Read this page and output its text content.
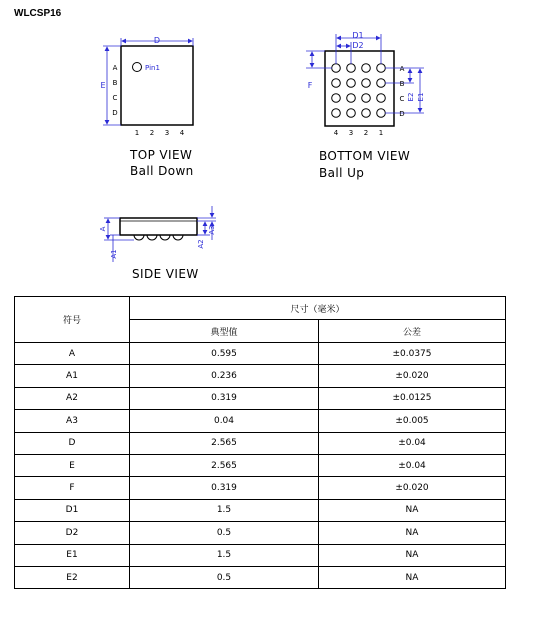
WLCSP16
D
E
Pin1
A
B
C
D
1 2 3 4
TOP VIEW
Ball Down
D1
D2
F
E2 E1
A
B
C
D
4 3 2 1
BOTTOM VIEW
Ball Up
A
A1
A2
A3
SIDE VIEW
符号	尺寸（毫米）	
	典型值	公差
A	0.595	±0.0375
A1	0.236	±0.020
A2	0.319	±0.0125
A3	0.04	±0.005
D	2.565	±0.04
E	2.565	±0.04
F	0.319	±0.020
D1	1.5	NA
D2	0.5	NA
E1	1.5	NA
E2	0.5	NA
